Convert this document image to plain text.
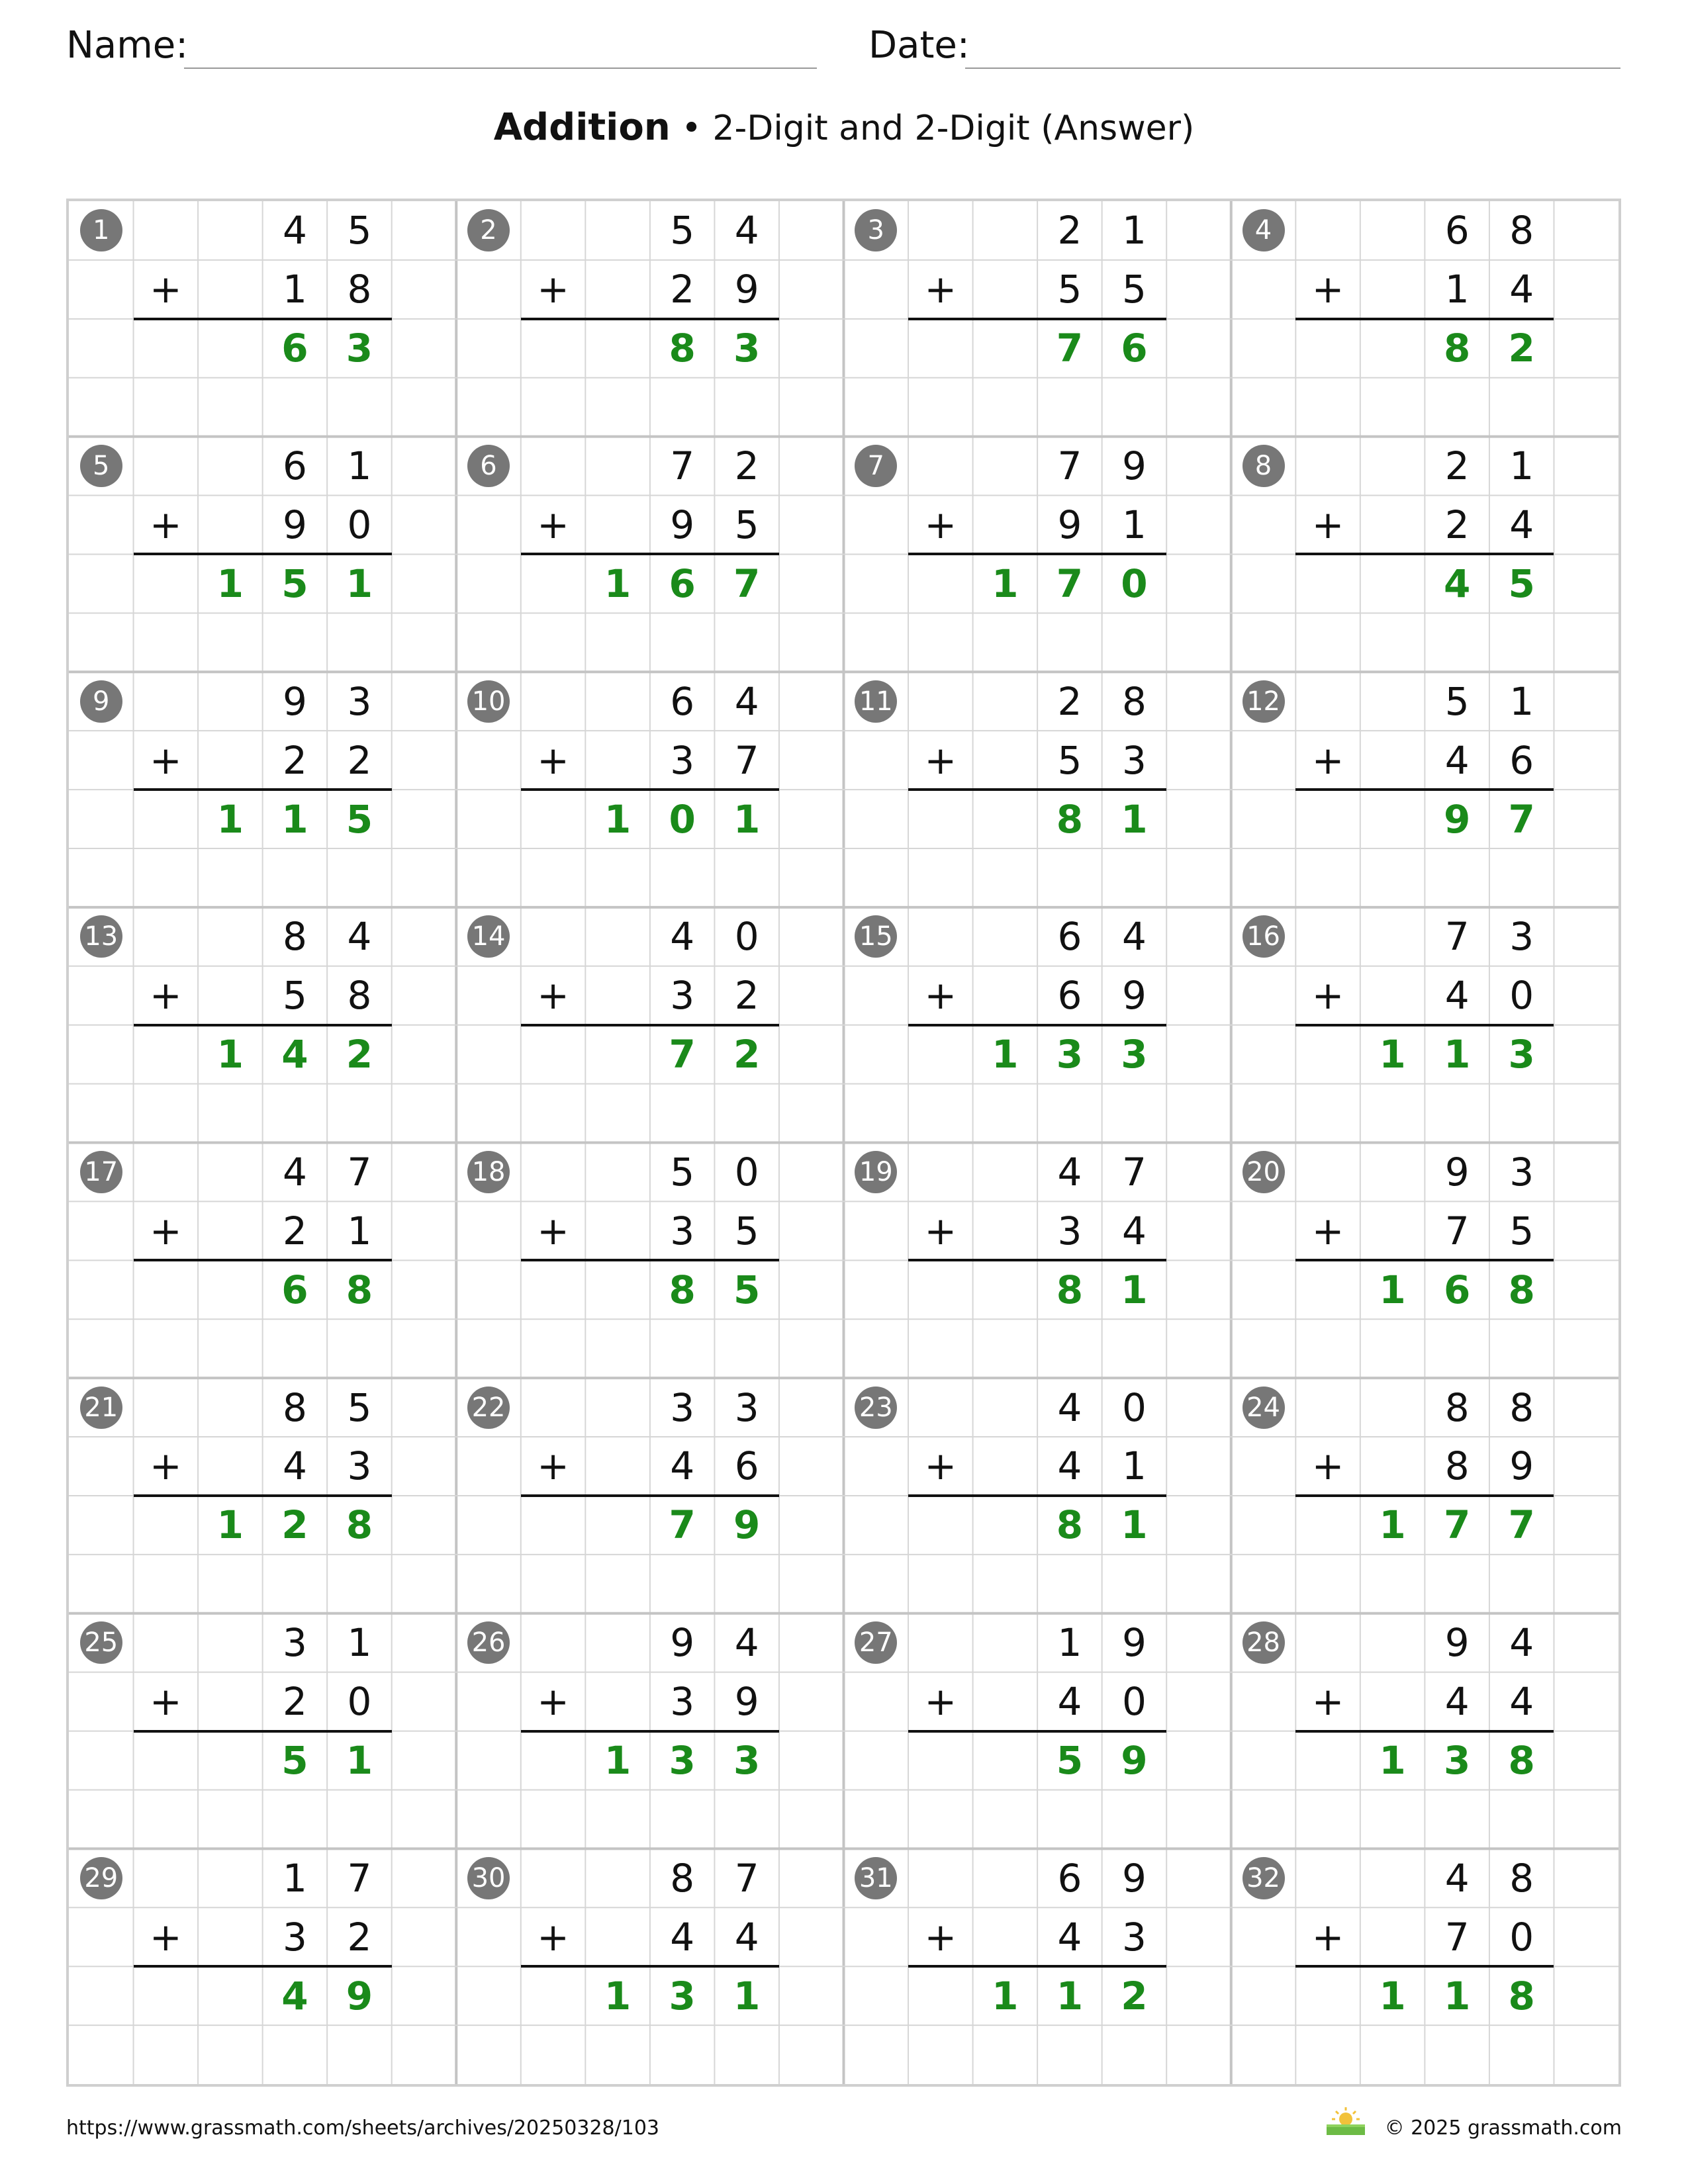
Name:	Date:
Addition • 2-Digit and 2-Digit (Answer)
1	4	5
+	1	8
6 3
2	5	4
+	2	9
8 3
3	2	1
+	5	5
7 6
4	6	8
+	1	4
8 2
5	6	1
+	9	0
1 5 1
6	7	2
+	9	5
1 6 7
7	7	9
+	9	1
1 7 0
8	2	1
+	2	4
4 5
9	9	3
+	2	2
1 1 5
10	6	4
+	3	7
1 0 1
11	2	8
+	5	3
8 1
12	5	1
+	4	6
9 7
13	8	4
+	5	8
1 4 2
14	4	0
+	3	2
7 2
15	6	4
+	6	9
1 3 3
16	7	3
+	4	0
1 1 3
17	4	7
+	2	1
6 8
18	5	0
+	3	5
8 5
19	4	7
+	3	4
8 1
20	9	3
+	7	5
1 6 8
21	8	5
+	4	3
1 2 8
22	3	3
+	4	6
7 9
23	4	0
+	4	1
8 1
24	8	8
+	8	9
1 7 7
25	3	1
+	2	0
5 1
26	9	4
+	3	9
1 3 3
27	1	9
+	4	0
5 9
28	9	4
+	4	4
1 3 8
29	1	7
+	3	2
4 9
30	8	7
+	4	4
1 3 1
31	6	9
+	4	3
1 1 2
32	4	8
+	7	0
1 1 8
https://www.grassmath.com/sheets/archives/20250328/103	© 2025 grassmath.com
